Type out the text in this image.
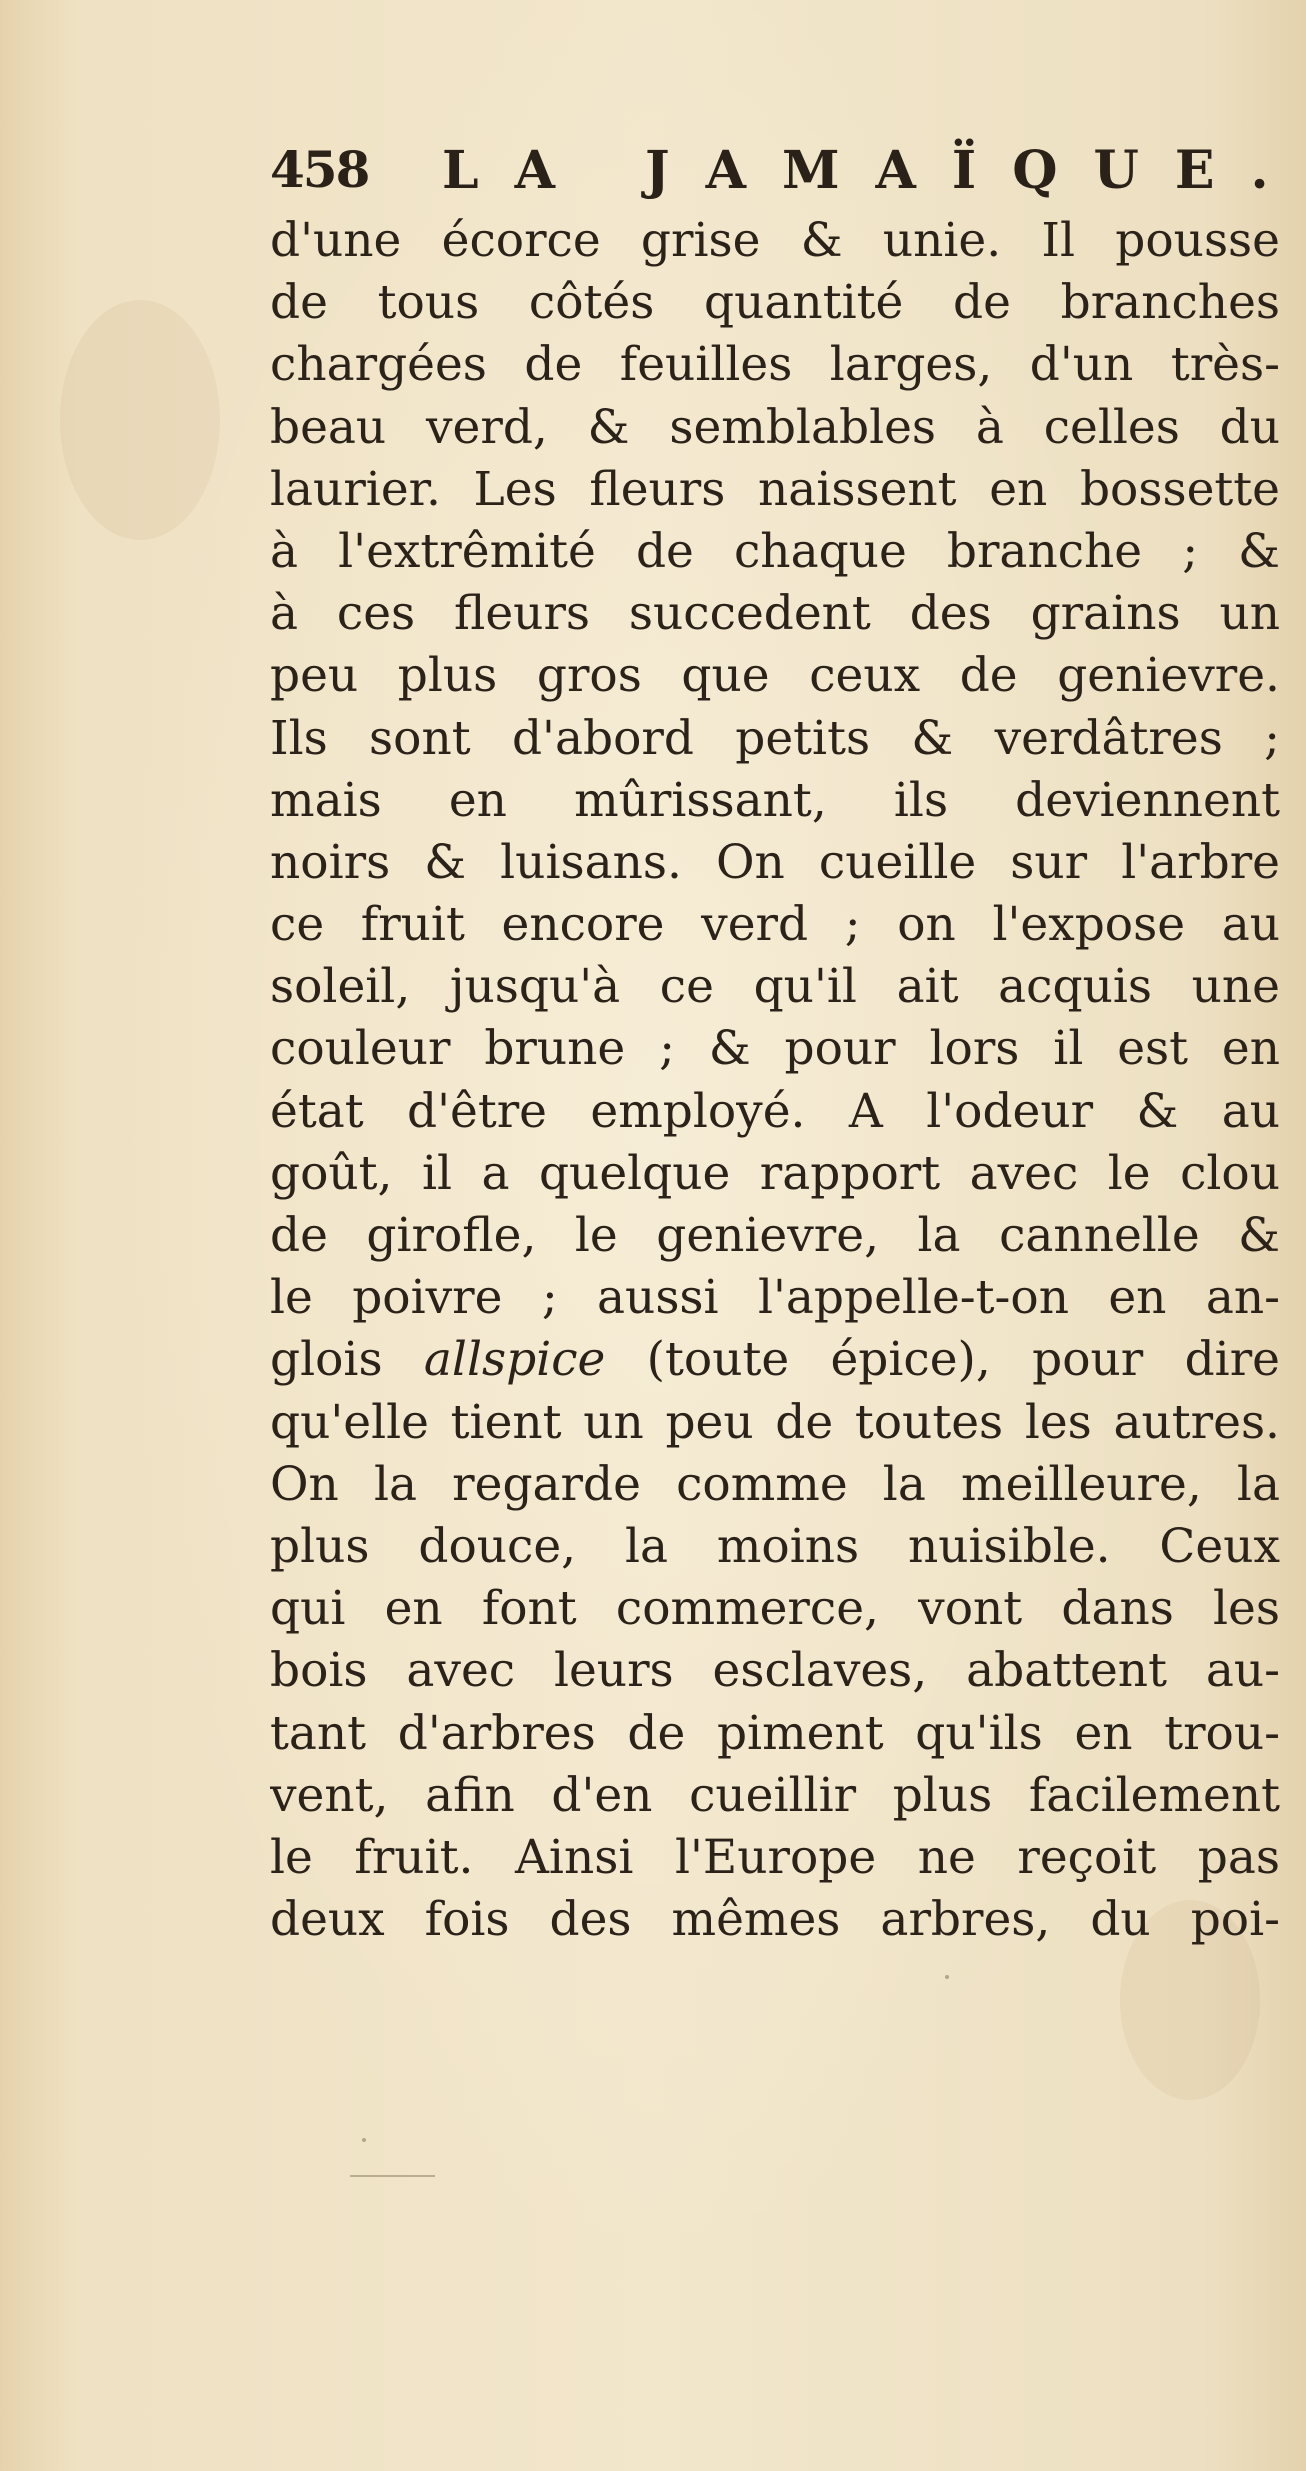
458 LA JAMAÏQUE.
d'une écorce grise & unie. Il pousse
de tous côtés quantité de branches
chargées de feuilles larges, d'un très-
beau verd, & semblables à celles du
laurier. Les fleurs naissent en bossette
à l'extrêmité de chaque branche ; &
à ces fleurs succedent des grains un
peu plus gros que ceux de genievre.
Ils sont d'abord petits & verdâtres ;
mais en mûrissant, ils deviennent
noirs & luisans. On cueille sur l'arbre
ce fruit encore verd ; on l'expose au
soleil, jusqu'à ce qu'il ait acquis une
couleur brune ; & pour lors il est en
état d'être employé. A l'odeur & au
goût, il a quelque rapport avec le clou
de girofle, le genievre, la cannelle &
le poivre ; aussi l'appelle-t-on en an-
glois allspice (toute épice), pour dire
qu'elle tient un peu de toutes les autres.
On la regarde comme la meilleure, la
plus douce, la moins nuisible. Ceux
qui en font commerce, vont dans les
bois avec leurs esclaves, abattent au-
tant d'arbres de piment qu'ils en trou-
vent, afin d'en cueillir plus facilement
le fruit. Ainsi l'Europe ne reçoit pas
deux fois des mêmes arbres, du poi-
